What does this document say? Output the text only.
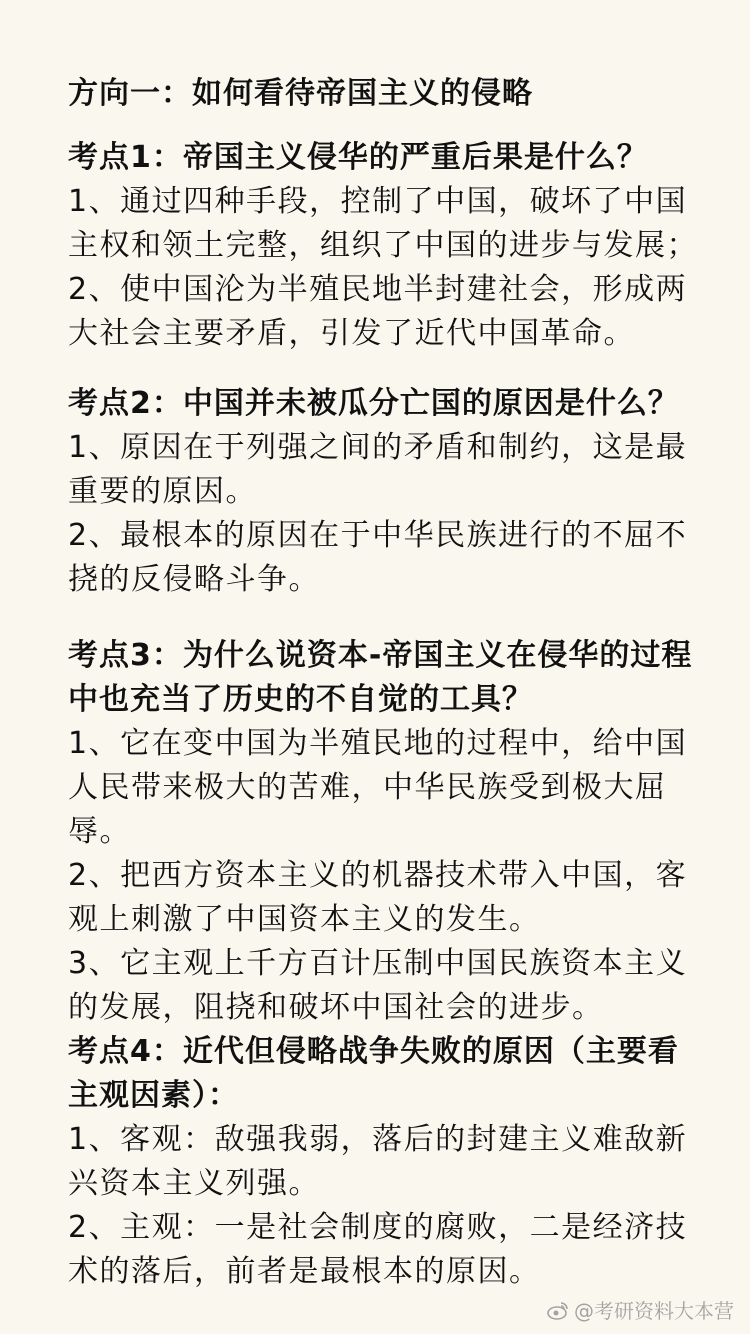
方向一：如何看待帝国主义的侵略

考点1：帝国主义侵华的严重后果是什么？

1、通过四种手段，控制了中国，破坏了中国主权和领土完整，组织了中国的进步与发展；

2、使中国沦为半殖民地半封建社会，形成两大社会主要矛盾，引发了近代中国革命。

考点2：中国并未被瓜分亡国的原因是什么？

1、原因在于列强之间的矛盾和制约，这是最重要的原因。

2、最根本的原因在于中华民族进行的不屈不挠的反侵略斗争。

考点3：为什么说资本-帝国主义在侵华的过程中也充当了历史的不自觉的工具？

1、它在变中国为半殖民地的过程中，给中国人民带来极大的苦难，中华民族受到极大屈辱。

2、把西方资本主义的机器技术带入中国，客观上刺激了中国资本主义的发生。

3、它主观上千方百计压制中国民族资本主义的发展，阻挠和破坏中国社会的进步。

考点4：近代但侵略战争失败的原因（主要看主观因素）：

1、客观：敌强我弱，落后的封建主义难敌新兴资本主义列强。

2、主观：一是社会制度的腐败，二是经济技术的落后，前者是最根本的原因。

@考研资料大本营
